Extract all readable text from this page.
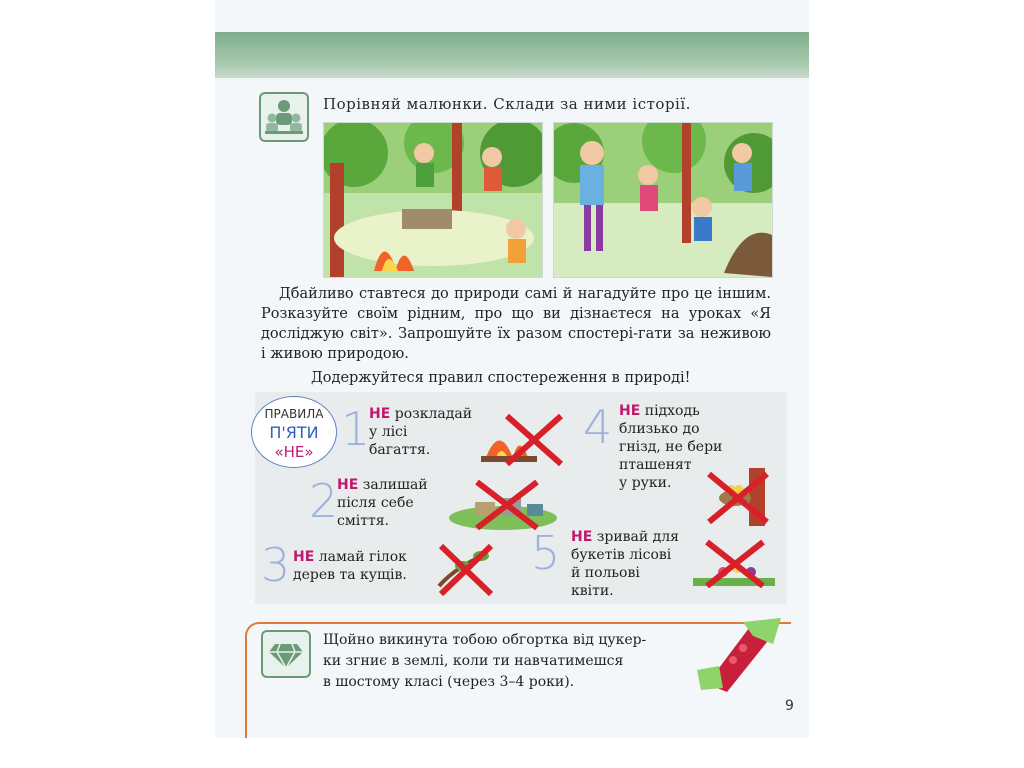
Порівняй малюнки. Склади за ними історії.
Дбайливо ставтеся до природи самі й нагадуйте про це іншим. Розказуйте своїм рідним, про що ви дізнаєтеся на уроках «Я досліджую світ». Запрошуйте їх разом спостері-гати за неживою і живою природою.
Додержуйтеся правил спостереження в природі!
ПРАВИЛА
П'ЯТИ
«НЕ» 1
НЕ розкладай
у лісі
багаття.
2
НЕ залишай
після себе
сміття.
3 НЕ ламай гілок
дерев та кущів.
4 НЕ підходь
близько до
гнізд, не бери
пташенят
у руки.
5 НЕ зривай для
букетів лісові
й польові
квіти.
Щойно викинута тобою обгортка від цукер-
ки згниє в землі, коли ти навчатимешся
в шостому класі (через 3–4 роки).
9
